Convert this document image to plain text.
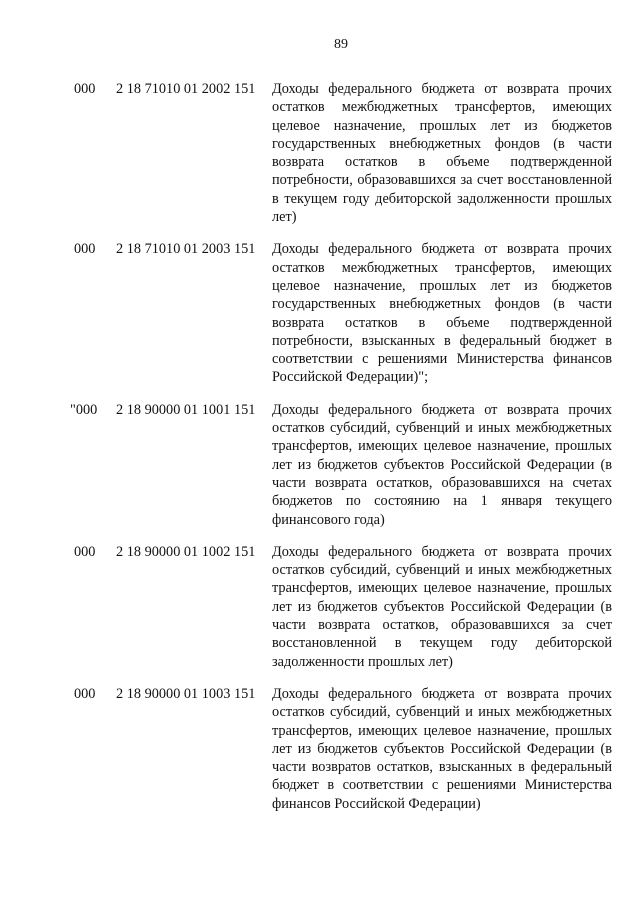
89
000 2 18 71010 01 2002 151 Доходы федерального бюджета от возврата прочих остатков межбюджетных трансфертов, имеющих целевое назначение, прошлых лет из бюджетов государственных внебюджетных фондов (в части возврата остатков в объеме подтвержденной потребности, образовавшихся за счет восстановленной в текущем году дебиторской задолженности прошлых лет)
000 2 18 71010 01 2003 151 Доходы федерального бюджета от возврата прочих остатков межбюджетных трансфертов, имеющих целевое назначение, прошлых лет из бюджетов государственных внебюджетных фондов (в части возврата остатков в объеме подтвержденной потребности, взысканных в федеральный бюджет в соответствии с решениями Министерства финансов Российской Федерации)";
"000 2 18 90000 01 1001 151 Доходы федерального бюджета от возврата прочих остатков субсидий, субвенций и иных межбюджетных трансфертов, имеющих целевое назначение, прошлых лет из бюджетов субъектов Российской Федерации (в части возврата остатков, образовавшихся на счетах бюджетов по состоянию на 1 января текущего финансового года)
000 2 18 90000 01 1002 151 Доходы федерального бюджета от возврата прочих остатков субсидий, субвенций и иных межбюджетных трансфертов, имеющих целевое назначение, прошлых лет из бюджетов субъектов Российской Федерации (в части возврата остатков, образовавшихся за счет восстановленной в текущем году дебиторской задолженности прошлых лет)
000 2 18 90000 01 1003 151 Доходы федерального бюджета от возврата прочих остатков субсидий, субвенций и иных межбюджетных трансфертов, имеющих целевое назначение, прошлых лет из бюджетов субъектов Российской Федерации (в части возвратов остатков, взысканных в федеральный бюджет в соответствии с решениями Министерства финансов Российской Федерации)
